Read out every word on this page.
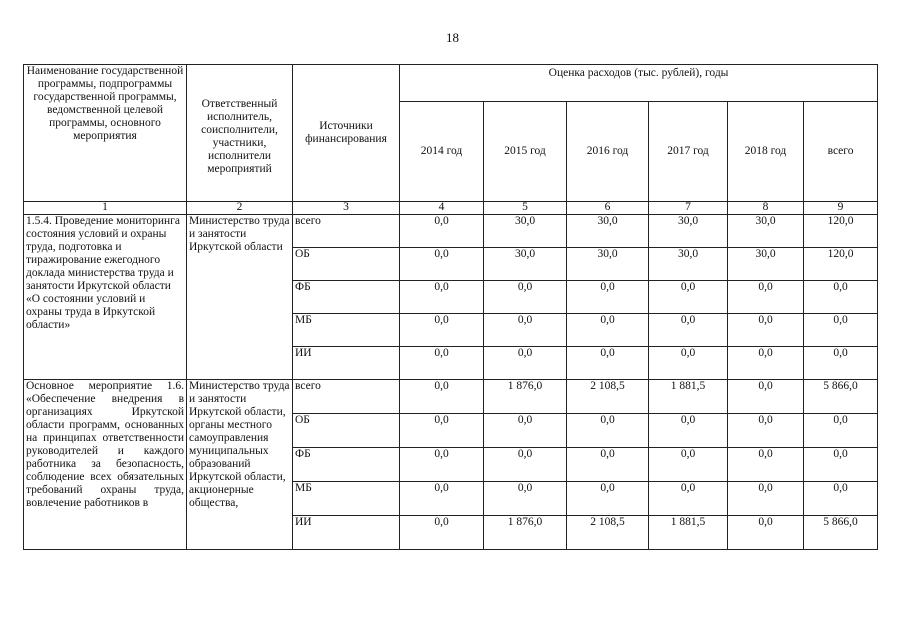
18
Наименование государственной программы, подпрограммы государственной программы, ведомственной целевой программы, основного мероприятия	Ответственный исполнитель, соисполнители, участники, исполнители мероприятий	Источники финансирования	Оценка расходов (тыс. рублей), годы					
			2014 год	2015 год	2016 год	2017 год	2018 год	всего
1	2	3	4	5	6	7	8	9
1.5.4. Проведение мониторинга состояния условий и охраны труда, подготовка и тиражирование ежегодного доклада министерства труда и занятости Иркутской области «О состоянии условий и охраны труда в Иркутской области»	Министерство труда и занятости Иркутской области	всего	0,0	30,0	30,0	30,0	30,0	120,0
		ОБ	0,0	30,0	30,0	30,0	30,0	120,0
		ФБ	0,0	0,0	0,0	0,0	0,0	0,0
		МБ	0,0	0,0	0,0	0,0	0,0	0,0
		ИИ	0,0	0,0	0,0	0,0	0,0	0,0
Основное мероприятие 1.6. «Обеспечение внедрения в организациях Иркутской области программ, основанных на принципах ответственности руководителей и каждого работника за безопасность, соблюдение всех обязательных требований охраны труда, вовлечение работников в	Министерство труда и занятости Иркутской области, органы местного самоуправления муниципальных образований Иркутской области, акционерные общества,	всего	0,0	1 876,0	2 108,5	1 881,5	0,0	5 866,0
		ОБ	0,0	0,0	0,0	0,0	0,0	0,0
		ФБ	0,0	0,0	0,0	0,0	0,0	0,0
		МБ	0,0	0,0	0,0	0,0	0,0	0,0
		ИИ	0,0	1 876,0	2 108,5	1 881,5	0,0	5 866,0
